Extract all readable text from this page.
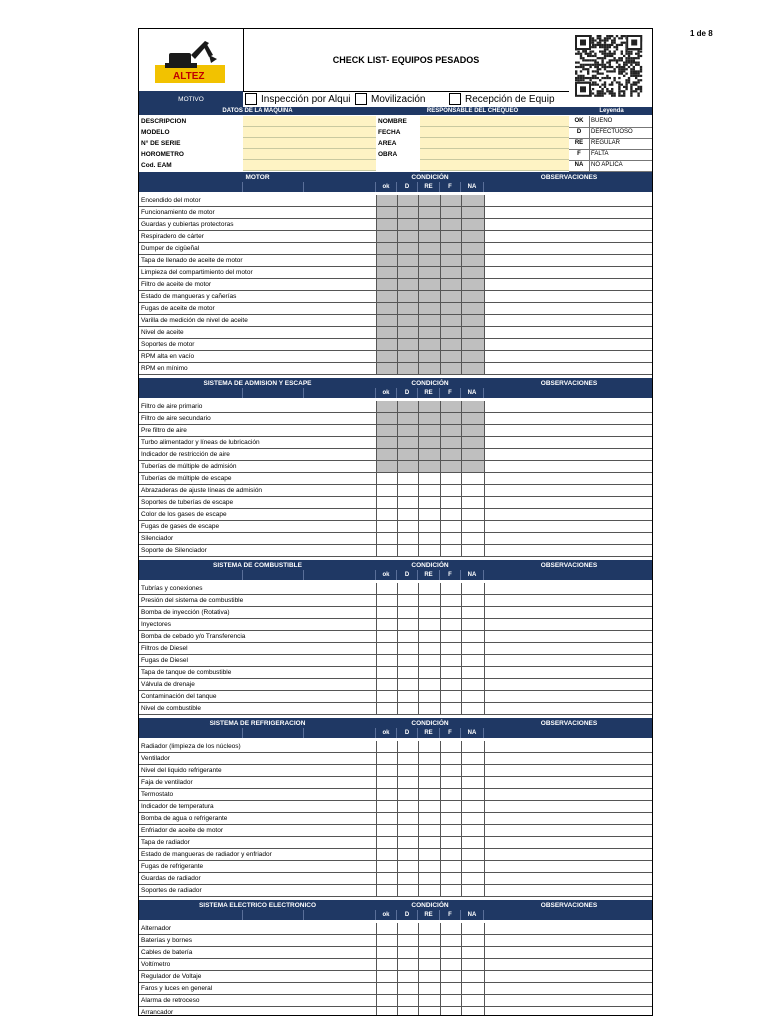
1 de 8
ALTEZ
CHECK LIST- EQUIPOS PESADOS
MOTIVO	Inspección por Alqui Movilización	Recepción de Equip
DATOS DE LA MAQUINA	RESPONSABLE DEL CHEQUEO	Leyenda
DESCRIPCION
MODELO
N° DE SERIE
HOROMETRO
Cod. EAM
NOMBRE
FECHA
AREA
OBRA
OK	BUENO
D	DEFECTUOSO
RE	REGULAR
F	FALTA
NA	NO APLICA
MOTOR	CONDICIÓN	OBSERVACIONES
ok	D	RE	F	NA
Encendido del motor
Funcionamiento de motor
Guardas y cubiertas protectoras
Respiradero de cárter
Dumper de cigüeñal
Tapa de llenado de aceite de motor
Limpieza del compartimiento del motor
Filtro de aceite de motor
Estado de mangueras y cañerías
Fugas de aceite de motor
Varilla de medición de nivel de aceite
Nivel de aceite
Soportes de motor
RPM alta en vacío
RPM en mínimo
SISTEMA DE ADMISION Y ESCAPE	CONDICIÓN	OBSERVACIONES
ok	D	RE	F	NA
Filtro de aire primario
Filtro de aire secundario
Pre filtro de aire
Turbo alimentador y líneas de lubricación
Indicador de restricción de aire
Tuberías de múltiple de admisión
Tuberías de múltiple de escape
Abrazaderas de ajuste líneas de admisión
Soportes de tuberías de escape
Color de los gases de escape
Fugas de gases de escape
Silenciador
Soporte de Silenciador
SISTEMA DE COMBUSTIBLE	CONDICIÓN	OBSERVACIONES
ok	D	RE	F	NA
Tubrías y conexiones
Presión del sistema de combustible
Bomba de inyección (Rotativa)
Inyectores
Bomba de cebado y/o Transferencia
Filtros de Diesel
Fugas de Diesel
Tapa de tanque de combustible
Válvula de drenaje
Contaminación del tanque
Nivel de combustible
SISTEMA DE REFRIGERACION	CONDICIÓN	OBSERVACIONES
ok	D	RE	F	NA
Radiador (limpieza de los núcleos)
Ventilador
Nivel del liquido refrigerante
Faja de ventilador
Termostato
Indicador de temperatura
Bomba de agua o refrigerante
Enfriador de aceite de motor
Tapa de radiador
Estado de mangueras de radiador y enfriador
Fugas de refrigerante
Guardas de radiador
Soportes de radiador
SISTEMA ELECTRICO ELECTRONICO	CONDICIÓN	OBSERVACIONES
ok	D	RE	F	NA
Alternador
Baterías y bornes
Cables de batería
Voltímetro
Regulador de Voltaje
Faros y luces en general
Alarma de retroceso
Arrancador
